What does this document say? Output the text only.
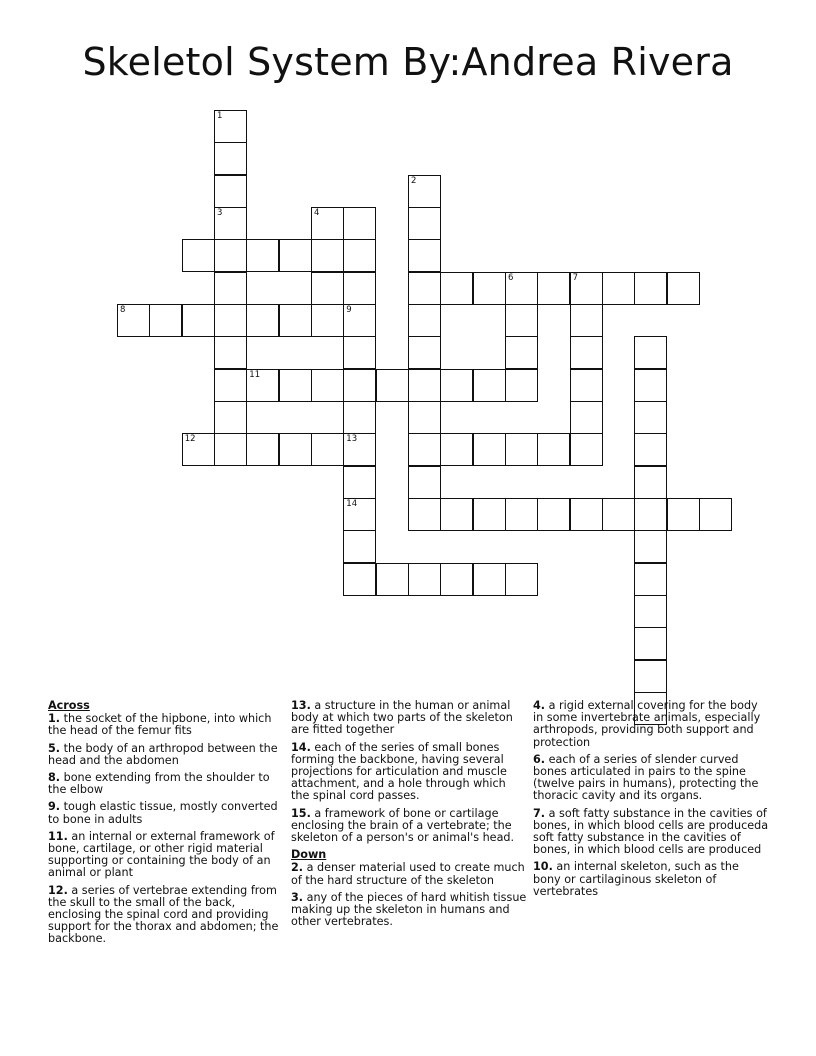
Skeletol System By:Andrea Rivera
1
3
2
4
9
13
14
8
6	7
11
12
Across
1. the socket of the hipbone, into which the head of the femur fits
5. the body of an arthropod between the head and the abdomen
8. bone extending from the shoulder to the elbow
9. tough elastic tissue, mostly converted to bone in adults
11. an internal or external framework of bone, cartilage, or other rigid material supporting or containing the body of an animal or plant
12. a series of vertebrae extending from the skull to the small of the back, enclosing the spinal cord and providing support for the thorax and abdomen; the backbone.
13. a structure in the human or animal body at which two parts of the skeleton are fitted together
14. each of the series of small bones forming the backbone, having several projections for articulation and muscle attachment, and a hole through which the spinal cord passes.
15. a framework of bone or cartilage enclosing the brain of a vertebrate; the skeleton of a person's or animal's head.
Down
2. a denser material used to create much of the hard structure of the skeleton
3. any of the pieces of hard whitish tissue making up the skeleton in humans and other vertebrates.
4. a rigid external covering for the body in some invertebrate animals, especially arthropods, providing both support and protection
6. each of a series of slender curved bones articulated in pairs to the spine (twelve pairs in humans), protecting the thoracic cavity and its organs.
7. a soft fatty substance in the cavities of bones, in which blood cells are produceda soft fatty substance in the cavities of bones, in which blood cells are produced
10. an internal skeleton, such as the bony or cartilaginous skeleton of vertebrates
